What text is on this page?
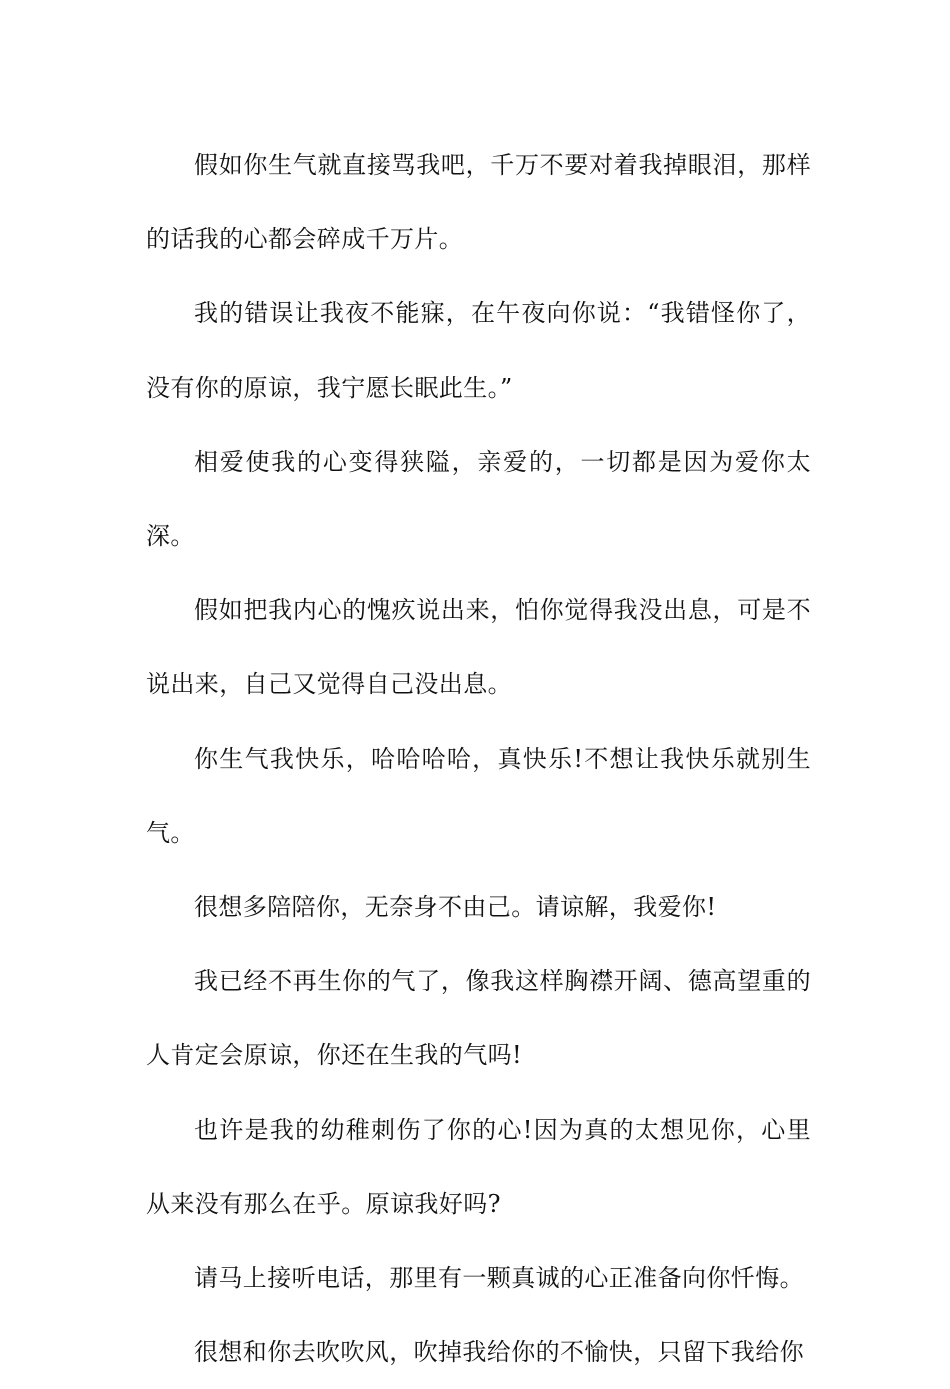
假如你生气就直接骂我吧，千万不要对着我掉眼泪，那样的话我的心都会碎成千万片。

我的错误让我夜不能寐，在午夜向你说：“我错怪你了，没有你的原谅，我宁愿长眠此生。”

相爱使我的心变得狭隘，亲爱的，一切都是因为爱你太深。

假如把我内心的愧疚说出来，怕你觉得我没出息，可是不说出来，自己又觉得自己没出息。

你生气我快乐，哈哈哈哈，真快乐!不想让我快乐就别生气。

很想多陪陪你，无奈身不由己。请谅解，我爱你!

我已经不再生你的气了，像我这样胸襟开阔、德高望重的人肯定会原谅，你还在生我的气吗!

也许是我的幼稚刺伤了你的心!因为真的太想见你，心里从来没有那么在乎。原谅我好吗?

请马上接听电话，那里有一颗真诚的心正准备向你忏悔。

很想和你去吹吹风，吹掉我给你的不愉快，只留下我给你
